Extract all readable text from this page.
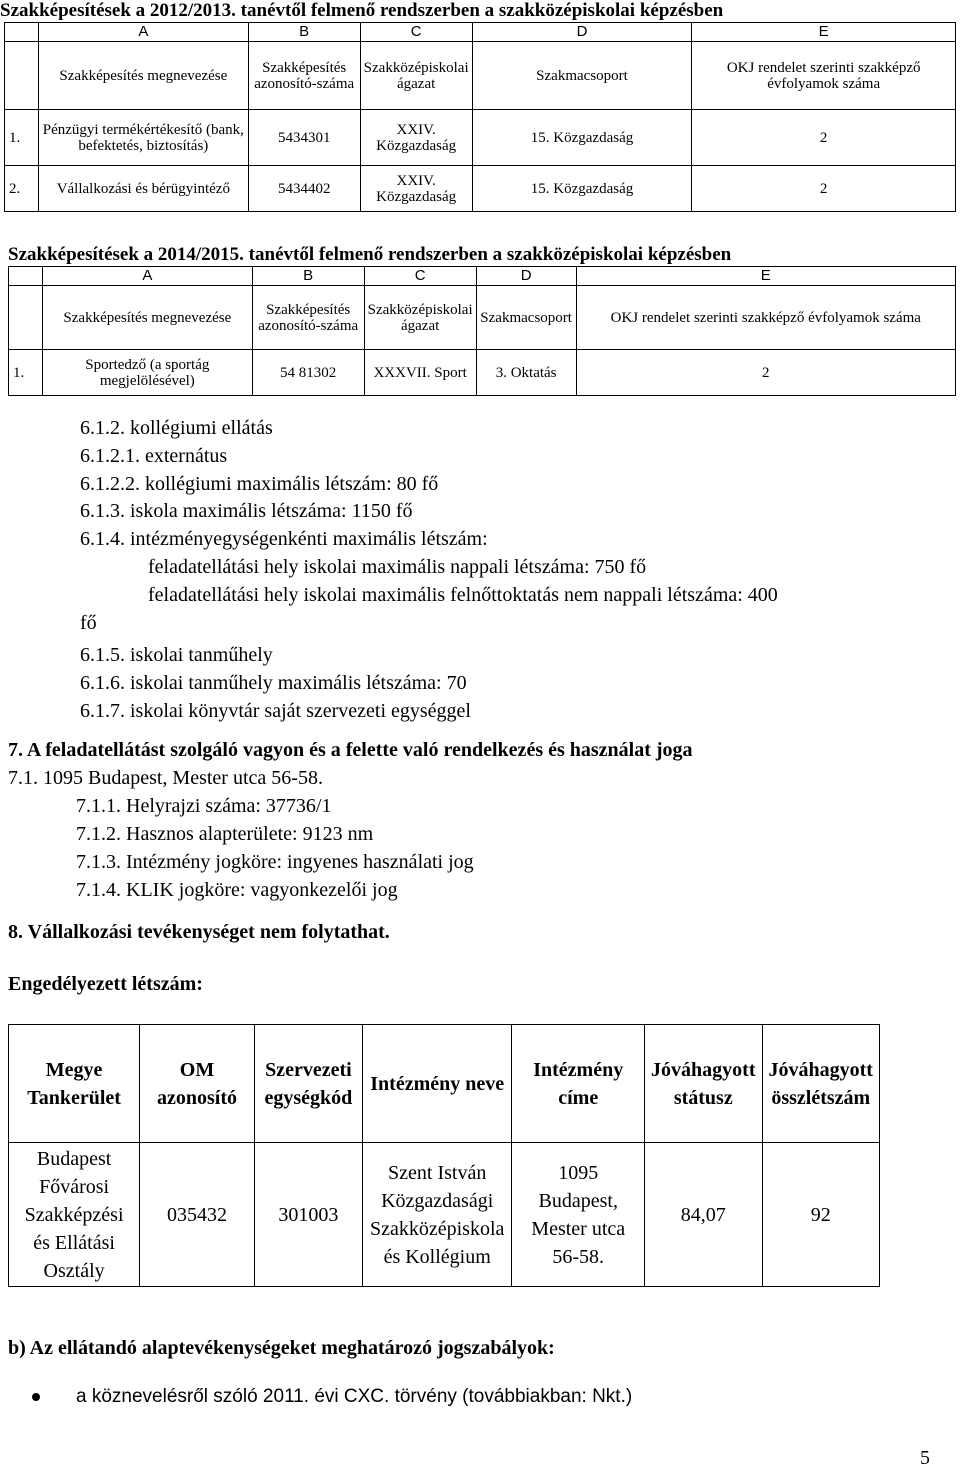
Szakképesítések a 2012/2013. tanévtől felmenő rendszerben a szakközépiskolai képzésben
	A	B	C	D	E
	Szakképesítés megnevezése	Szakképesítés azonosító-száma	Szakközépiskolai ágazat	Szakmacsoport	OKJ rendelet szerinti szakképző évfolyamok száma
1.	Pénzügyi termékértékesítő (bank, befektetés, biztosítás)	5434301	XXIV. Közgazdaság	15. Közgazdaság	2
2.	Vállalkozási és bérügyintéző	5434402	XXIV. Közgazdaság	15. Közgazdaság	2
Szakképesítések a 2014/2015. tanévtől felmenő rendszerben a szakközépiskolai képzésben
	A	B	C	D	E
	Szakképesítés megnevezése	Szakképesítés azonosító-száma	Szakközépiskolai ágazat	Szakmacsoport	OKJ rendelet szerinti szakképző évfolyamok száma
1.	Sportedző (a sportág megjelölésével)	54 81302	XXXVII. Sport	3. Oktatás	2
6.1.2. kollégiumi ellátás
6.1.2.1. externátus
6.1.2.2. kollégiumi maximális létszám: 80 fő
6.1.3. iskola maximális létszáma: 1150 fő
6.1.4. intézményegységenkénti maximális létszám:
feladatellátási hely iskolai maximális nappali létszáma: 750 fő
feladatellátási hely iskolai maximális felnőttoktatás nem nappali létszáma: 400
fő
6.1.5. iskolai tanműhely
6.1.6. iskolai tanműhely maximális létszáma: 70
6.1.7. iskolai könyvtár saját szervezeti egységgel
7. A feladatellátást szolgáló vagyon és a felette való rendelkezés és használat joga
7.1. 1095 Budapest, Mester utca 56-58.
7.1.1. Helyrajzi száma: 37736/1
7.1.2. Hasznos alapterülete: 9123 nm
7.1.3. Intézmény jogköre: ingyenes használati jog
7.1.4. KLIK jogköre: vagyonkezelői jog
8. Vállalkozási tevékenységet nem folytathat.
Engedélyezett létszám:
Megye Tankerület	OM azonosító	Szervezeti egységkód	Intézmény neve	Intézmény címe	Jóváhagyott státusz	Jóváhagyott összlétszám
Budapest Fővárosi Szakképzési és Ellátási Osztály	035432	301003	Szent István Közgazdasági Szakközépiskola és Kollégium	1095 Budapest, Mester utca 56-58.	84,07	92
b) Az ellátandó alaptevékenységeket meghatározó jogszabályok:
a köznevelésről szóló 2011. évi CXC. törvény (továbbiakban: Nkt.)
5
